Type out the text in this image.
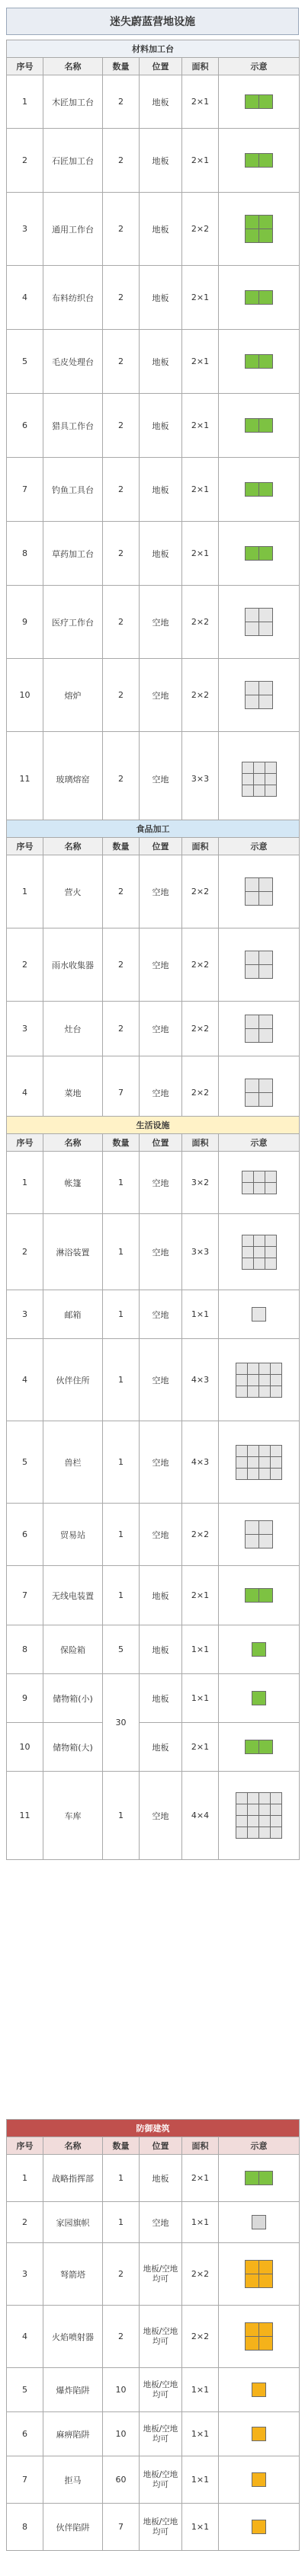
迷失蔚蓝营地设施
材料加工台					
序号	名称	数量	位置	面积	示意
1	木匠加工台	2	地板	2×1	

2	石匠加工台	2	地板	2×1	

3	通用工作台	2	地板	2×2	

4	布料纺织台	2	地板	2×1	

5	毛皮处理台	2	地板	2×1	

6	猎具工作台	2	地板	2×1	

7	钓鱼工具台	2	地板	2×1	

8	草药加工台	2	地板	2×1	

9	医疗工作台	2	空地	2×2	

10	熔炉	2	空地	2×2	

11	玻璃熔窑	2	空地	3×3	
食品加工					
序号	名称	数量	位置	面积	示意
1	营火	2	空地	2×2	

2	雨水收集器	2	空地	2×2	

3	灶台	2	空地	2×2	

4	菜地	7	空地	2×2	
生活设施					
序号	名称	数量	位置	面积	示意
1	帐篷	1	空地	3×2	

2	淋浴装置	1	空地	3×3	

3	邮箱	1	空地	1×1	

4	伙伴住所	1	空地	4×3	

5	兽栏	1	空地	4×3	

6	贸易站	1	空地	2×2	

7	无线电装置	1	地板	2×1	

8	保险箱	5	地板	1×1	

9	储物箱(小)	30	地板	1×1	

10	储物箱(大)		地板	2×1	

11	车库	1	空地	4×4	
防御建筑					
序号	名称	数量	位置	面积	示意
1	战略指挥部	1	地板	2×1	

2	家园旗帜	1	空地	1×1	

3	弩箭塔	2	地板/空地均可	2×2	

4	火焰喷射器	2	地板/空地均可	2×2	

5	爆炸陷阱	10	地板/空地均可	1×1	

6	麻痹陷阱	10	地板/空地均可	1×1	

7	拒马	60	地板/空地均可	1×1	

8	伙伴陷阱	7	地板/空地均可	1×1	
